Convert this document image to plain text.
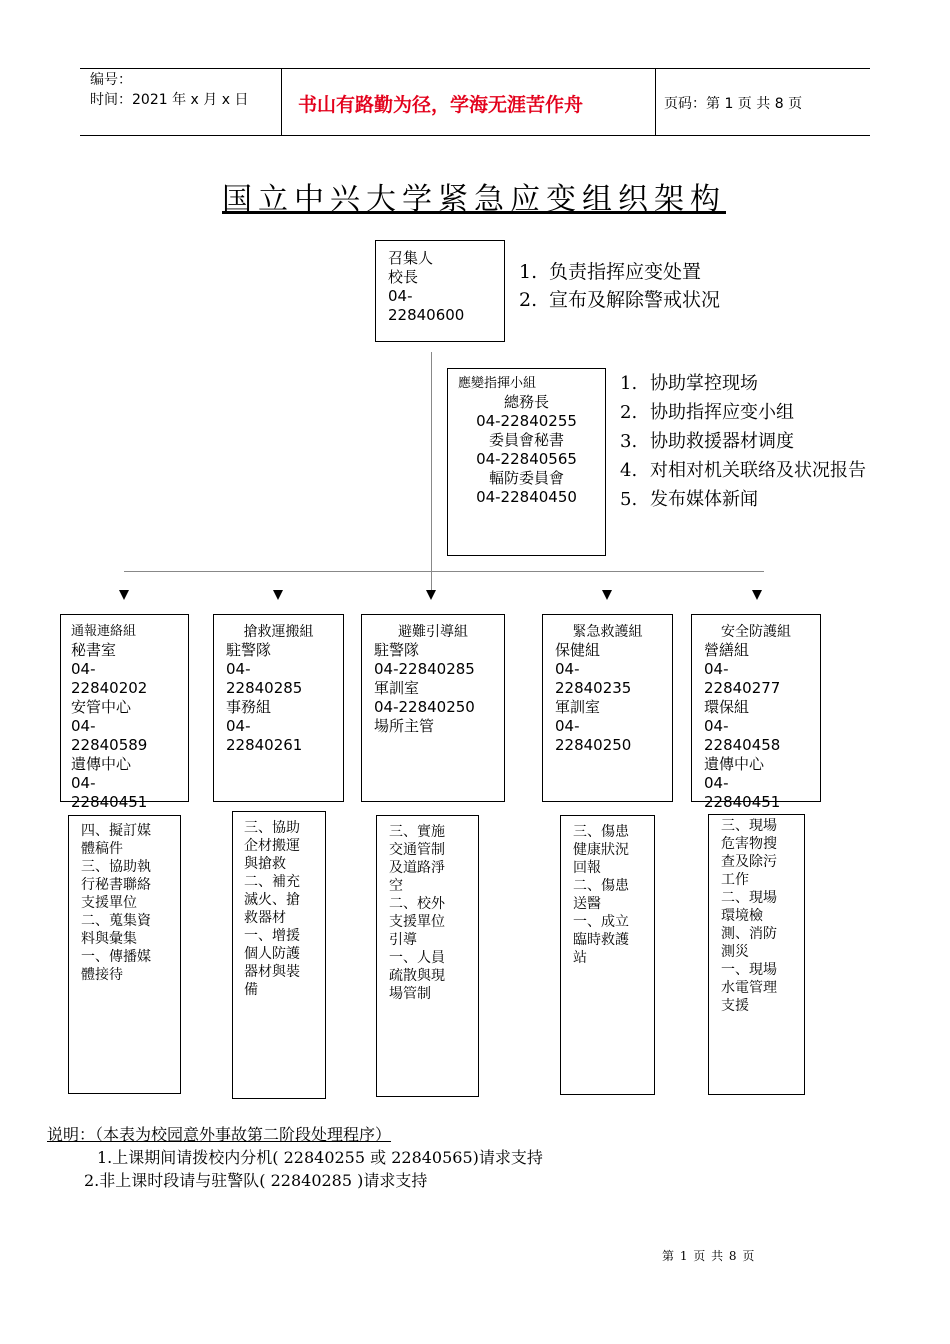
编号：
时间：2021 年 x 月 x 日	书山有路勤为径，学海无涯苦作舟	页码：第 1 页 共 8 页
国立中兴大学紧急应变组织架构
召集人
校長
04-
22840600
1. 负责指挥应变处置
2. 宣布及解除警戒状况
應變指揮小組
總務長
04-22840255
委員會秘書
04-22840565
輻防委員會
04-22840450
1. 协助掌控现场
2. 协助指挥应变小组
3. 协助救援器材调度
4. 对相对机关联络及状况报告
5. 发布媒体新闻
通報連絡組
秘書室
04-
22840202
安管中心
04-
22840589
遺傳中心
04-
22840451
四、擬訂媒
體稿件
三、協助執
行秘書聯絡
支援單位
二、蒐集資
料與彙集
一、傳播媒
體接待
搶救運搬組
駐警隊
04-
22840285
事務組
04-
22840261
三、協助
企材搬運
與搶救
二、補充
滅火、搶
救器材
一、增援
個人防護
器材與裝
備
避難引導組
駐警隊
04-22840285
軍訓室
04-22840250
場所主管
三、實施
交通管制
及道路淨
空
二、校外
支援單位
引導
一、人員
疏散與現
場管制
緊急救護組
保健組
04-
22840235
軍訓室
04-
22840250
三、傷患
健康狀況
回報
二、傷患
送醫
一、成立
臨時救護
站
安全防護組
營繕組
04-
22840277
環保組
04-
22840458
遺傳中心
04-
22840451
三、現場
危害物搜
查及除污
工作
二、現場
環境檢
測、消防
測災
一、現場
水電管理
支援
说明：（本表为校园意外事故第二阶段处理程序）
1.上课期间请拨校内分机( 22840255 或 22840565)请求支持
2.非上课时段请与驻警队( 22840285 )请求支持
第 1 页 共 8 页
